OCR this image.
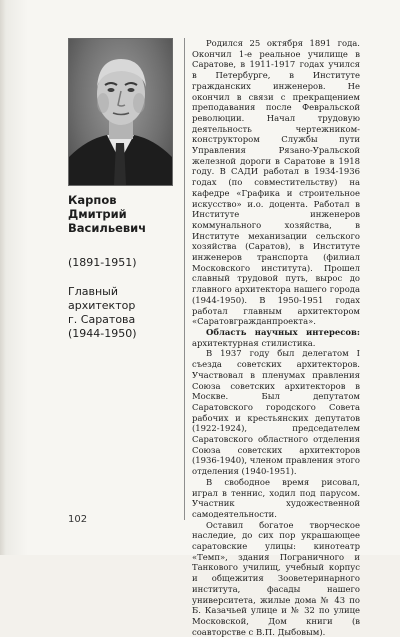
Карпов
Дмитрий
Васильевич
(1891-1951)
Главный
архитектор
г. Саратова
(1944-1950)

Родился 25 октября 1891 года. Окончил 1-е реальное училище в Саратове, в 1911-1917 годах учился в Петербурге, в Институте гражданских инженеров. Не окончил в связи с прекращением преподавания после Февральской революции. Начал трудовую деятельность чертежником-конструктором Службы пути Управления Рязано-Уральской железной дороги в Саратове в 1918 году. В САДИ работал в 1934-1936 годах (по совместительству) на кафедре «Графика и строительное искусство» и.о. доцента. Работал в Институте инженеров коммунального хозяйства, в Институте механизации сельского хозяйства (Саратов), в Институте инженеров транспорта (филиал Московского института). Прошел славный трудовой путь, вырос до главного архитектора нашего города (1944-1950). В 1950-1951 годах работал главным архитектором «Саратовгражданпроекта».

Область научных интересов: архитектурная стилистика.

В 1937 году был делегатом I съезда советских архитекторов. Участвовал в пленумах правления Союза советских архитекторов в Москве. Был депутатом Саратовского городского Совета рабочих и крестьянских депутатов (1922-1924), председателем Саратовского областного отделения Союза советских архитекторов (1936-1940), членом правления этого отделения (1940-1951).

В свободное время рисовал, играл в теннис, ходил под парусом. Участник художественной самодеятельности.

Оставил богатое творческое наследие, до сих пор украшающее саратовские улицы: кинотеатр «Темп», здания Пограничного и Танкового училищ, учебный корпус и общежития Зооветеринарного института, фасады нашего университета, жилые дома № 43 по Б. Казачьей улице и № 32 по улице Московской, Дом книги (в соавторстве с В.П. Дыбовым).

102
